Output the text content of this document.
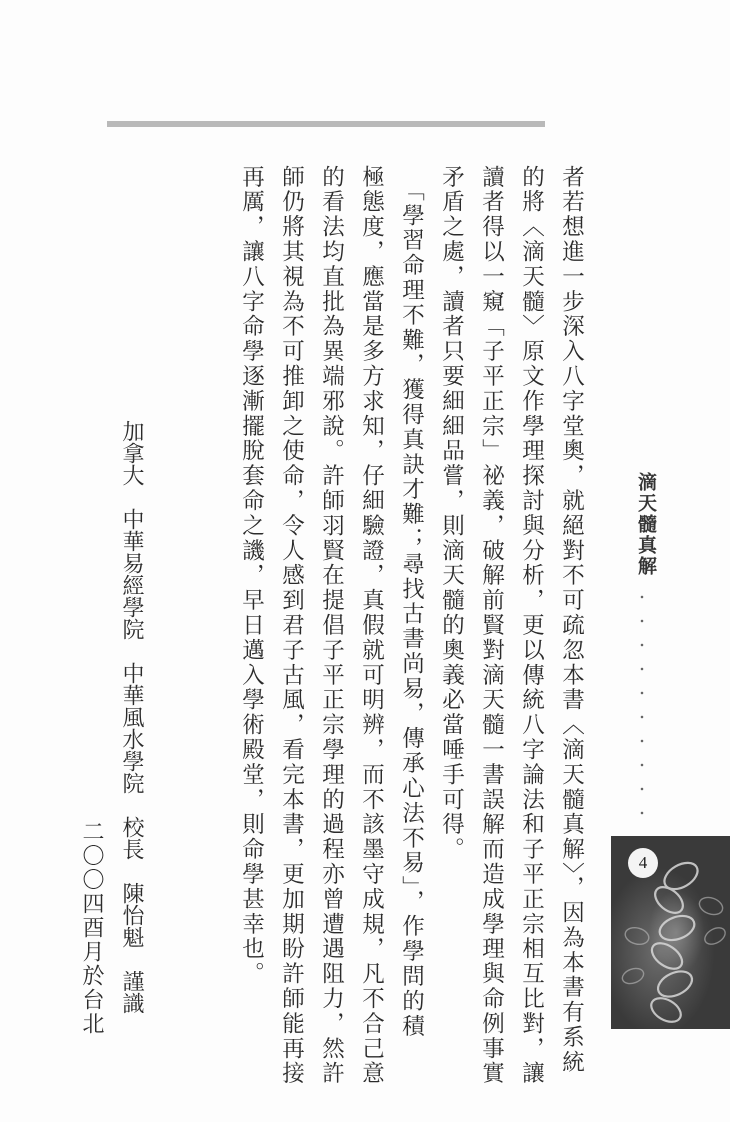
者若想進一步深入八字堂奧，就絕對不可疏忽本書〈滴天髓真解〉，因為本書有系統
的將〈滴天髓〉原文作學理探討與分析，更以傳統八字論法和子平正宗相互比對，讓
讀者得以一窺「子平正宗」祕義，破解前賢對滴天髓一書誤解而造成學理與命例事實
矛盾之處，讀者只要細細品嘗，則滴天髓的奧義必當唾手可得。
　「學習命理不難，獲得真訣才難；尋找古書尚易，傳承心法不易」，作學問的積
極態度，應當是多方求知，仔細驗證，真假就可明辨，而不該墨守成規，凡不合己意
的看法均直批為異端邪說。許師羽賢在提倡子平正宗學理的過程亦曾遭遇阻力，然許
師仍將其視為不可推卸之使命，令人感到君子古風，看完本書，更加期盼許師能再接
再厲，讓八字命學逐漸擺脫套命之譏，早日邁入學術殿堂，則命學甚幸也。
加拿大　中華易經學院　中華風水學院　校長　陳怡魁　謹識
二〇〇四酉月於台北
滴天髓真解
4
